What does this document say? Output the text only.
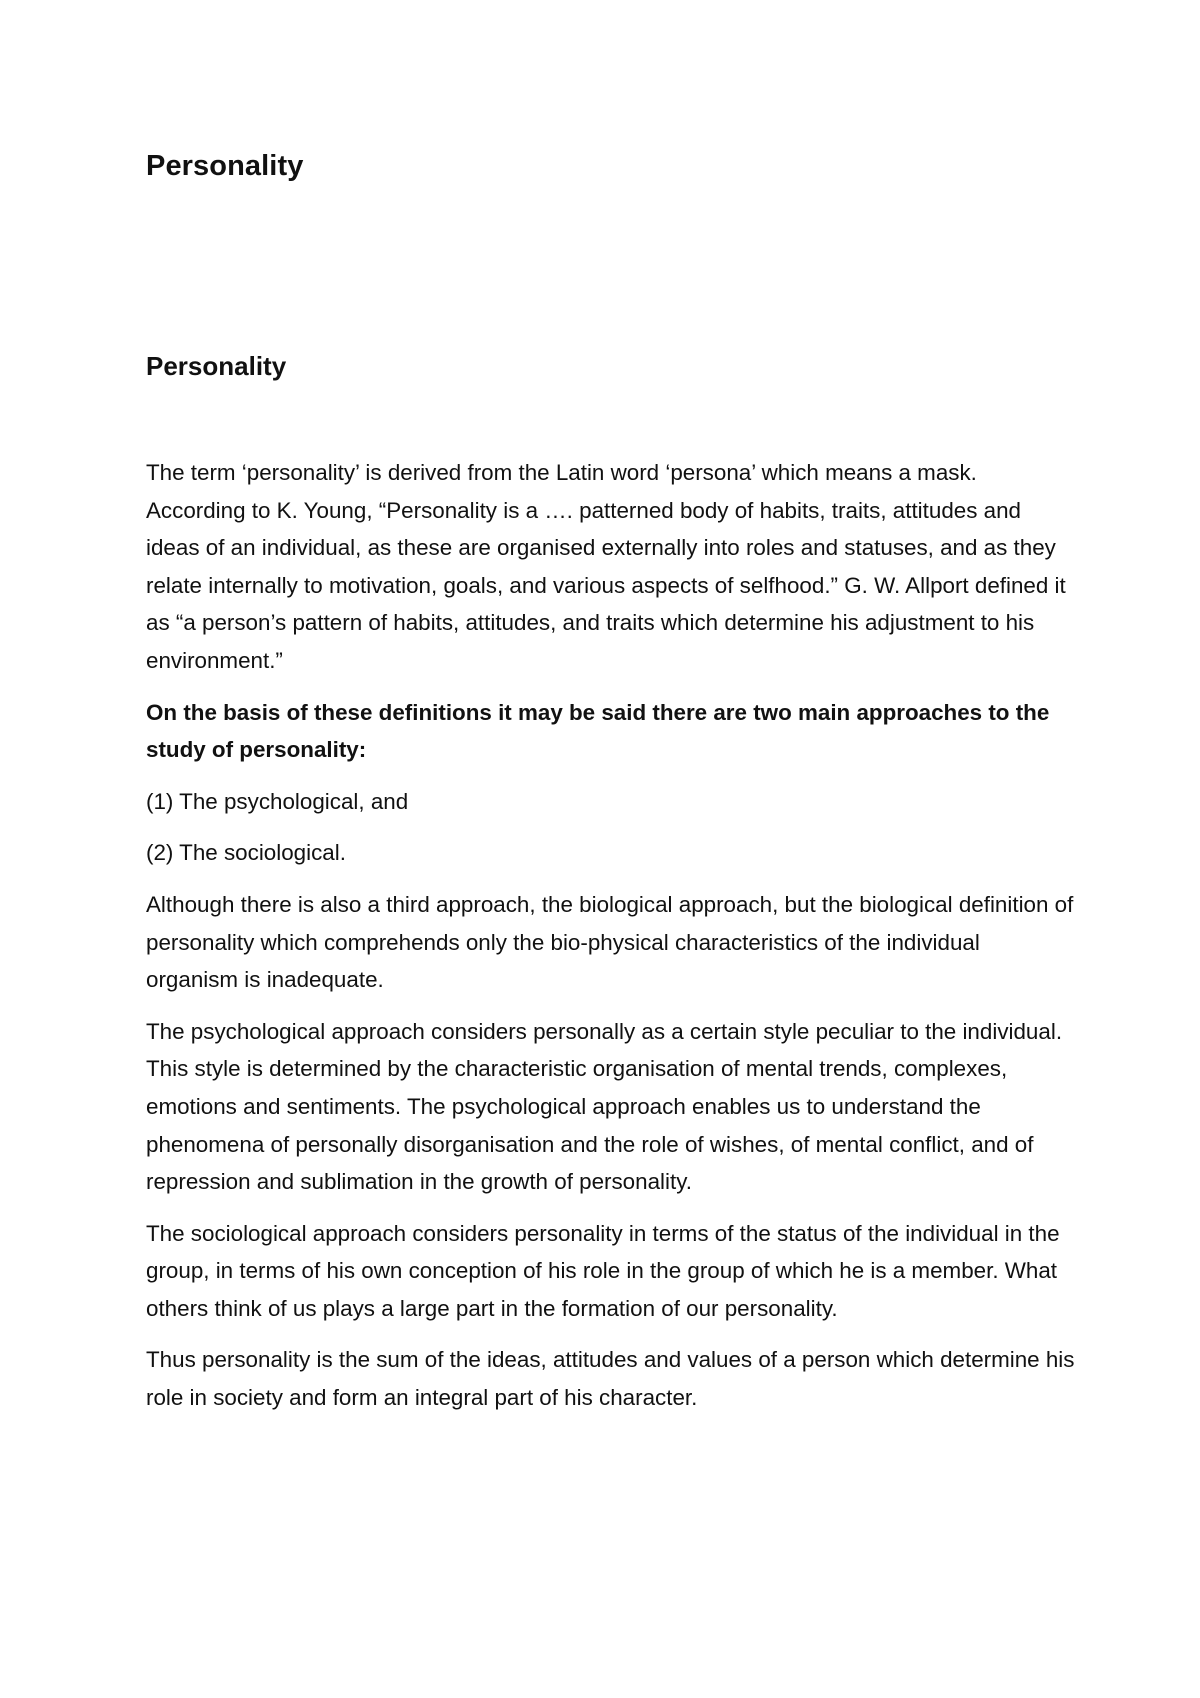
Personality
Personality

The term ‘personality’ is derived from the Latin word ‘persona’ which means a mask. According to K. Young, “Personality is a …. patterned body of habits, traits, attitudes and ideas of an individual, as these are organised externally into roles and statuses, and as they relate internally to motivation, goals, and various aspects of selfhood.” G. W. Allport defined it as “a person’s pattern of habits, attitudes, and traits which determine his adjustment to his environment.”

On the basis of these definitions it may be said there are two main approaches to the study of personality:

(1) The psychological, and

(2) The sociological.

Although there is also a third approach, the biological approach, but the biological definition of personality which comprehends only the bio-physical characteristics of the individual organism is inadequate.

The psychological approach considers personally as a certain style peculiar to the individual. This style is determined by the characteristic organisation of mental trends, complexes, emotions and sentiments. The psychological approach enables us to understand the phenomena of personally disorganisation and the role of wishes, of mental conflict, and of repression and sublimation in the growth of personality.

The sociological approach considers personality in terms of the status of the individual in the group, in terms of his own conception of his role in the group of which he is a member. What others think of us plays a large part in the formation of our personality.

Thus personality is the sum of the ideas, attitudes and values of a person which determine his role in society and form an integral part of his character.
